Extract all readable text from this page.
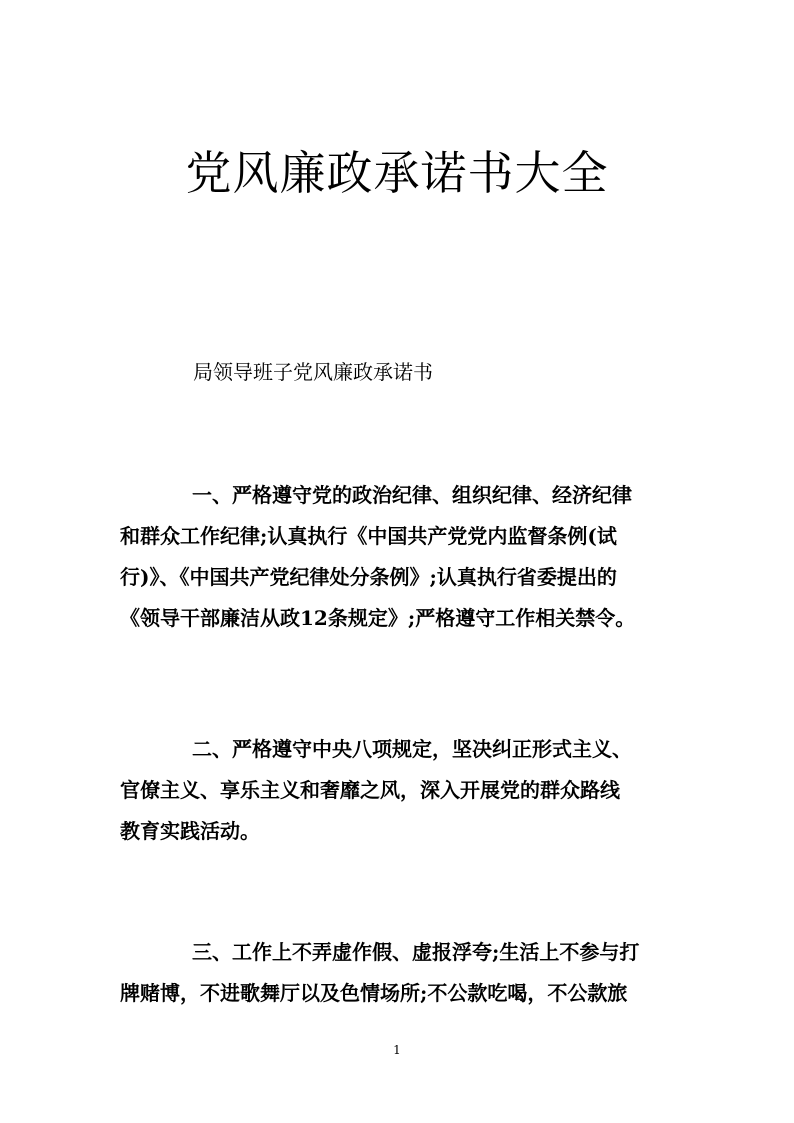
党风廉政承诺书大全

局领导班子党风廉政承诺书

一、严格遵守党的政治纪律、组织纪律、经济纪律
和群众工作纪律;认真执行《中国共产党党内监督条例(试
行)》、《中国共产党纪律处分条例》;认真执行省委提出的
《领导干部廉洁从政12条规定》;严格遵守工作相关禁令。

二、严格遵守中央八项规定，坚决纠正形式主义、
官僚主义、享乐主义和奢靡之风，深入开展党的群众路线
教育实践活动。

三、工作上不弄虚作假、虚报浮夸;生活上不参与打
牌赌博，不进歌舞厅以及色情场所;不公款吃喝，不公款旅

1
